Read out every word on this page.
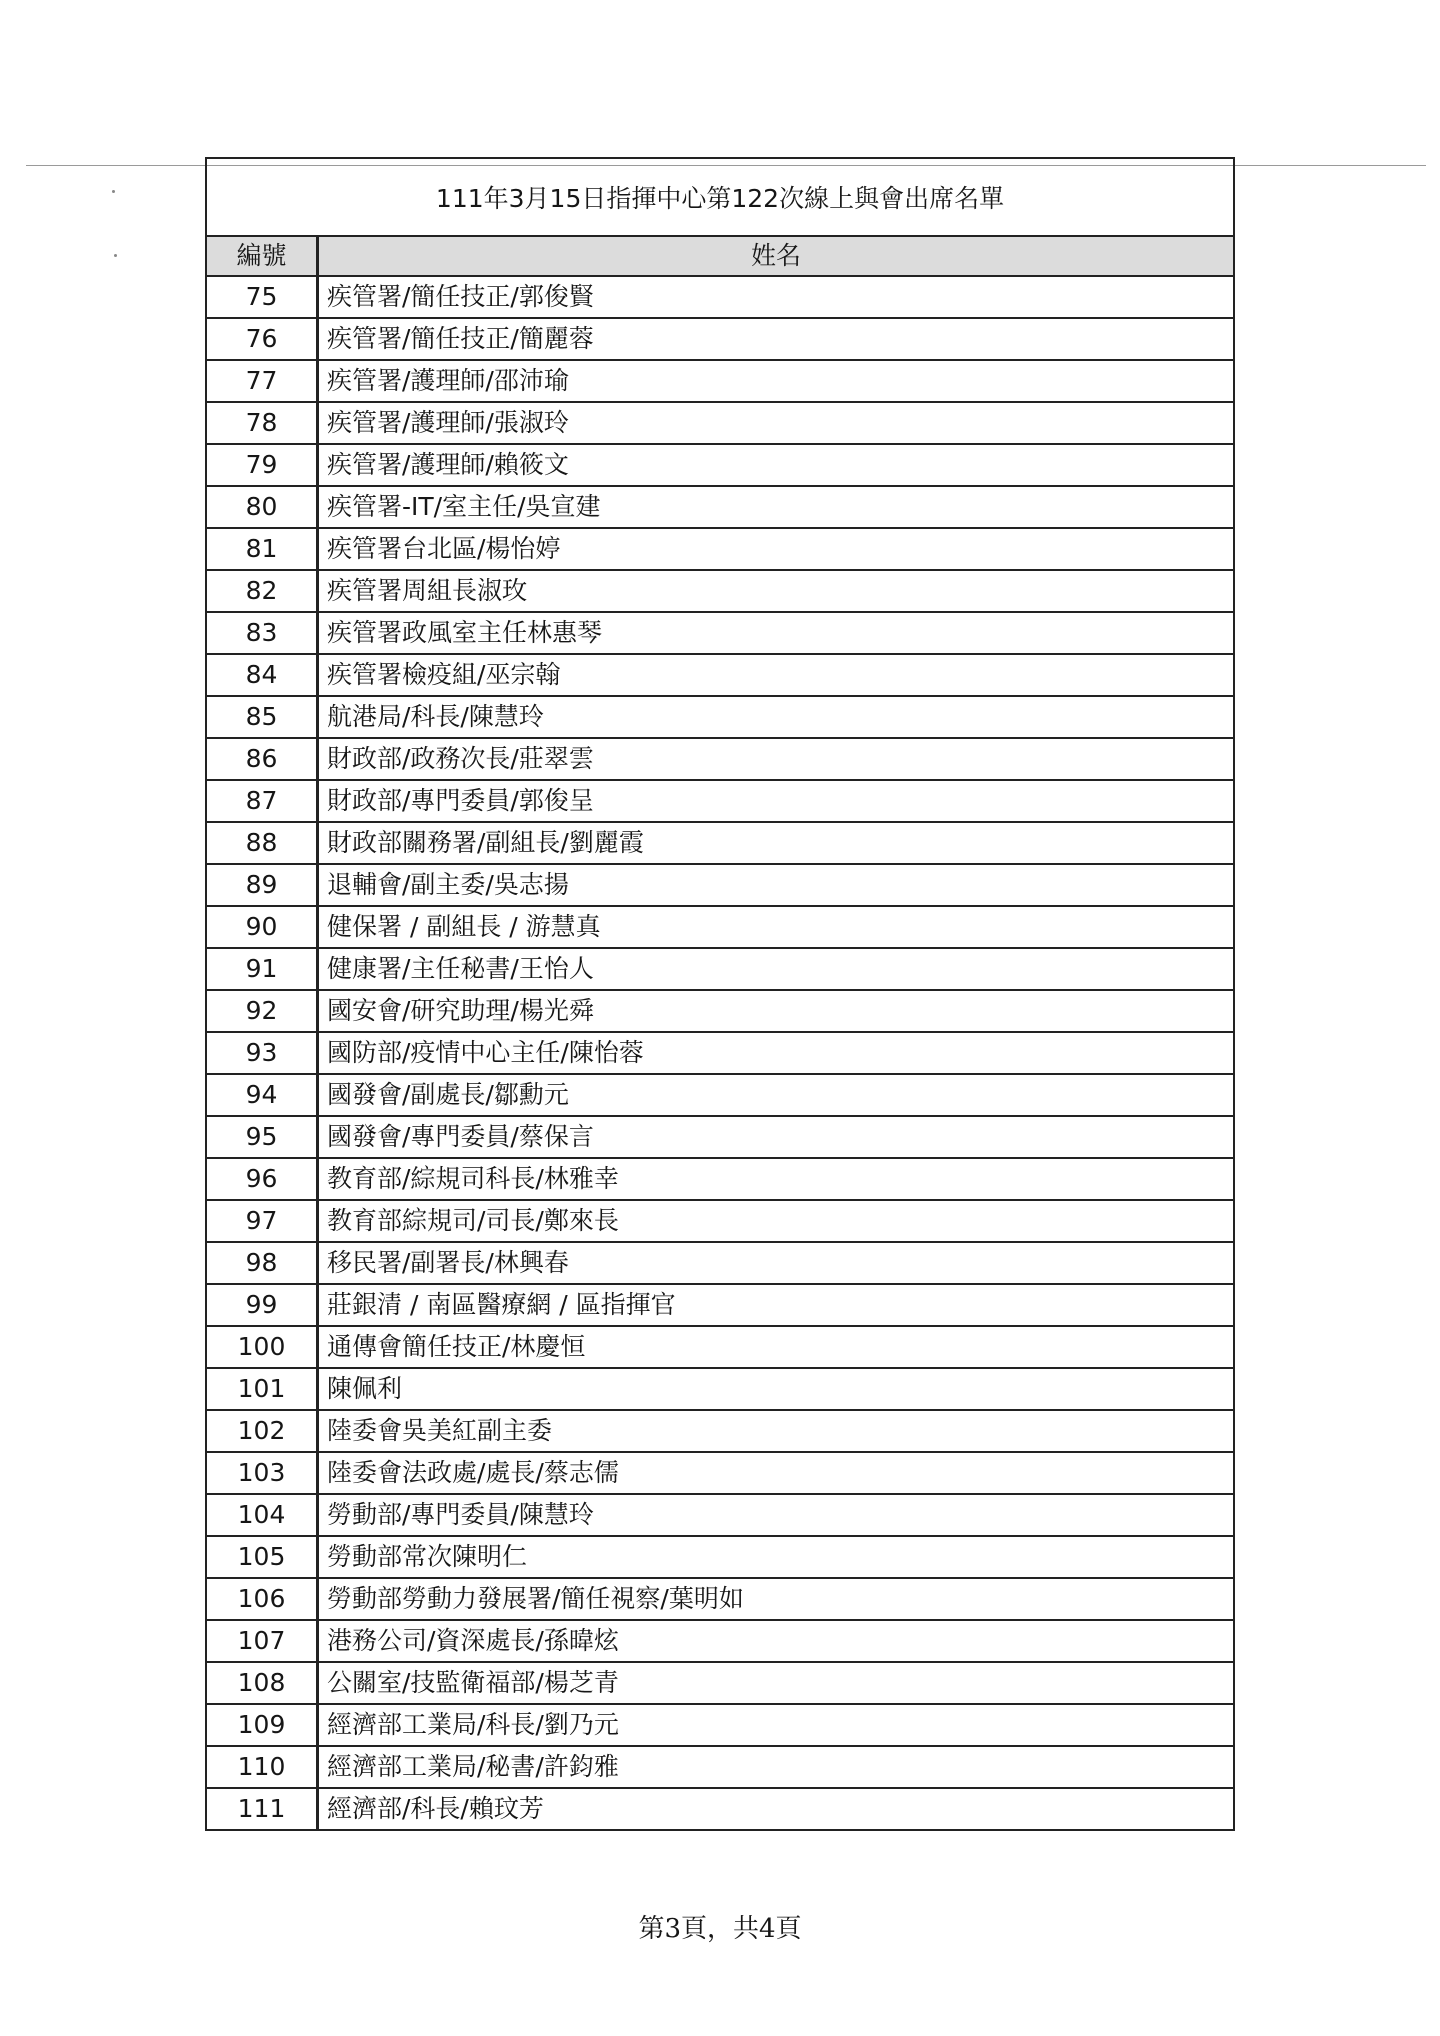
111年3月15日指揮中心第122次線上與會出席名單
編號	姓名
75	疾管署/簡任技正/郭俊賢
76	疾管署/簡任技正/簡麗蓉
77	疾管署/護理師/邵沛瑜
78	疾管署/護理師/張淑玲
79	疾管署/護理師/賴筱文
80	疾管署-IT/室主任/吳宣建
81	疾管署台北區/楊怡婷
82	疾管署周組長淑玫
83	疾管署政風室主任林惠琴
84	疾管署檢疫組/巫宗翰
85	航港局/科長/陳慧玲
86	財政部/政務次長/莊翠雲
87	財政部/專門委員/郭俊呈
88	財政部關務署/副組長/劉麗霞
89	退輔會/副主委/吳志揚
90	健保署 / 副組長 / 游慧真
91	健康署/主任秘書/王怡人
92	國安會/研究助理/楊光舜
93	國防部/疫情中心主任/陳怡蓉
94	國發會/副處長/鄒勳元
95	國發會/專門委員/蔡保言
96	教育部/綜規司科長/林雅幸
97	教育部綜規司/司長/鄭來長
98	移民署/副署長/林興春
99	莊銀清 / 南區醫療網 / 區指揮官
100	通傳會簡任技正/林慶恒
101	陳佩利
102	陸委會吳美紅副主委
103	陸委會法政處/處長/蔡志儒
104	勞動部/專門委員/陳慧玲
105	勞動部常次陳明仁
106	勞動部勞動力發展署/簡任視察/葉明如
107	港務公司/資深處長/孫暐炫
108	公關室/技監衛福部/楊芝青
109	經濟部工業局/科長/劉乃元
110	經濟部工業局/秘書/許鈞雅
111	經濟部/科長/賴玟芳
第3頁，共4頁
